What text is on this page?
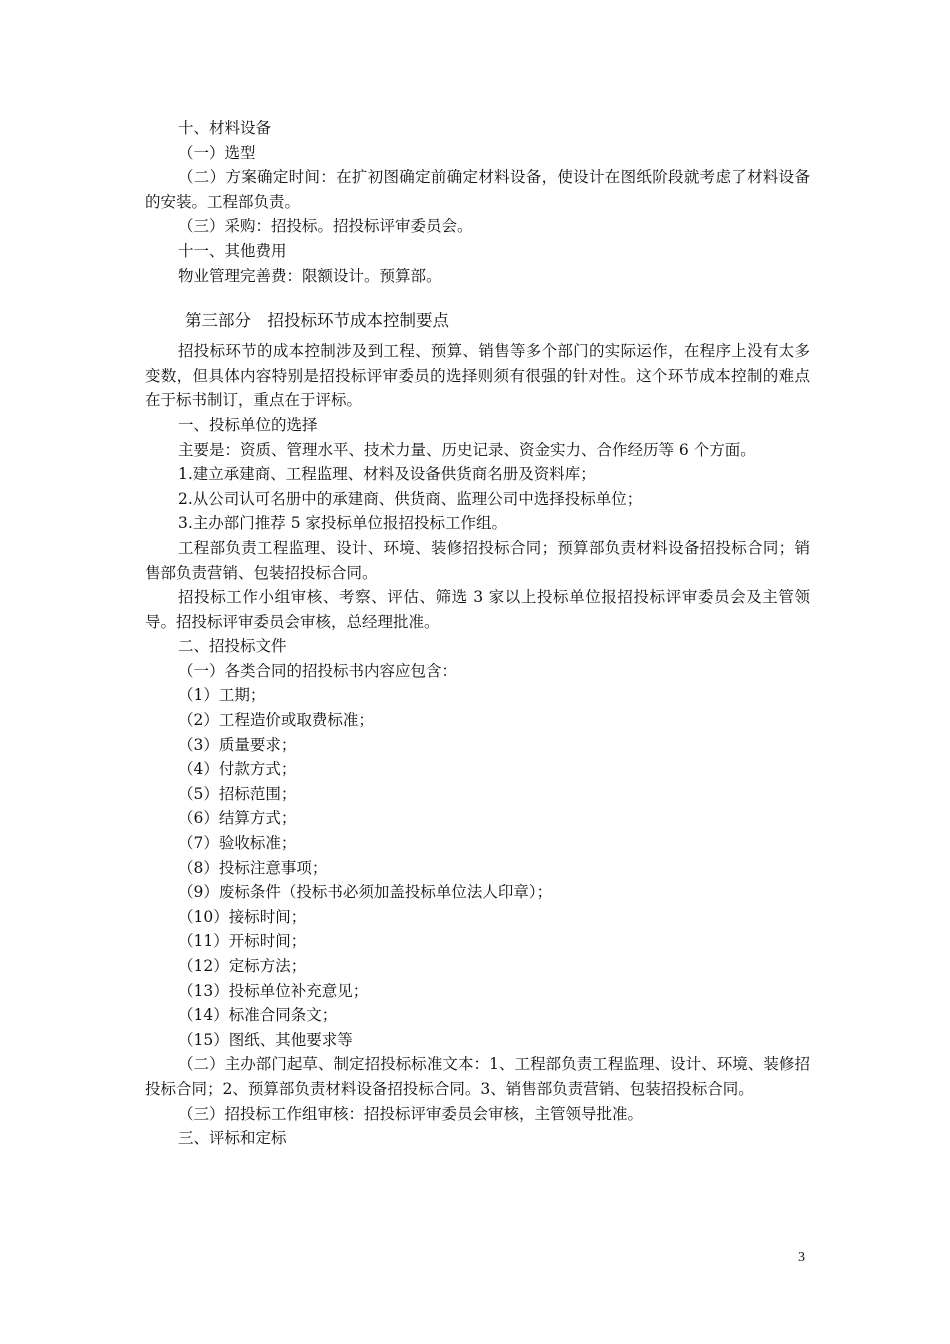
十、材料设备
（一）选型
（二）方案确定时间：在扩初图确定前确定材料设备，使设计在图纸阶段就考虑了材料设备的安装。工程部负责。
（三）采购：招投标。招投标评审委员会。
十一、其他费用
物业管理完善费：限额设计。预算部。
第三部分　招投标环节成本控制要点
招投标环节的成本控制涉及到工程、预算、销售等多个部门的实际运作，在程序上没有太多变数，但具体内容特别是招投标评审委员的选择则须有很强的针对性。这个环节成本控制的难点在于标书制订，重点在于评标。
一、投标单位的选择
主要是：资质、管理水平、技术力量、历史记录、资金实力、合作经历等 6 个方面。
1.建立承建商、工程监理、材料及设备供货商名册及资料库；
2.从公司认可名册中的承建商、供货商、监理公司中选择投标单位；
3.主办部门推荐 5 家投标单位报招投标工作组。
工程部负责工程监理、设计、环境、装修招投标合同；预算部负责材料设备招投标合同；销售部负责营销、包装招投标合同。
招投标工作小组审核、考察、评估、筛选 3 家以上投标单位报招投标评审委员会及主管领导。招投标评审委员会审核，总经理批准。
二、招投标文件
（一）各类合同的招投标书内容应包含：
（1）工期；
（2）工程造价或取费标准；
（3）质量要求；
（4）付款方式；
（5）招标范围；
（6）结算方式；
（7）验收标准；
（8）投标注意事项；
（9）废标条件（投标书必须加盖投标单位法人印章）；
（10）接标时间；
（11）开标时间；
（12）定标方法；
（13）投标单位补充意见；
（14）标准合同条文；
（15）图纸、其他要求等
（二）主办部门起草、制定招投标标准文本：1、工程部负责工程监理、设计、环境、装修招投标合同；2、预算部负责材料设备招投标合同。3、销售部负责营销、包装招投标合同。
（三）招投标工作组审核：招投标评审委员会审核，主管领导批准。
三、评标和定标
3
